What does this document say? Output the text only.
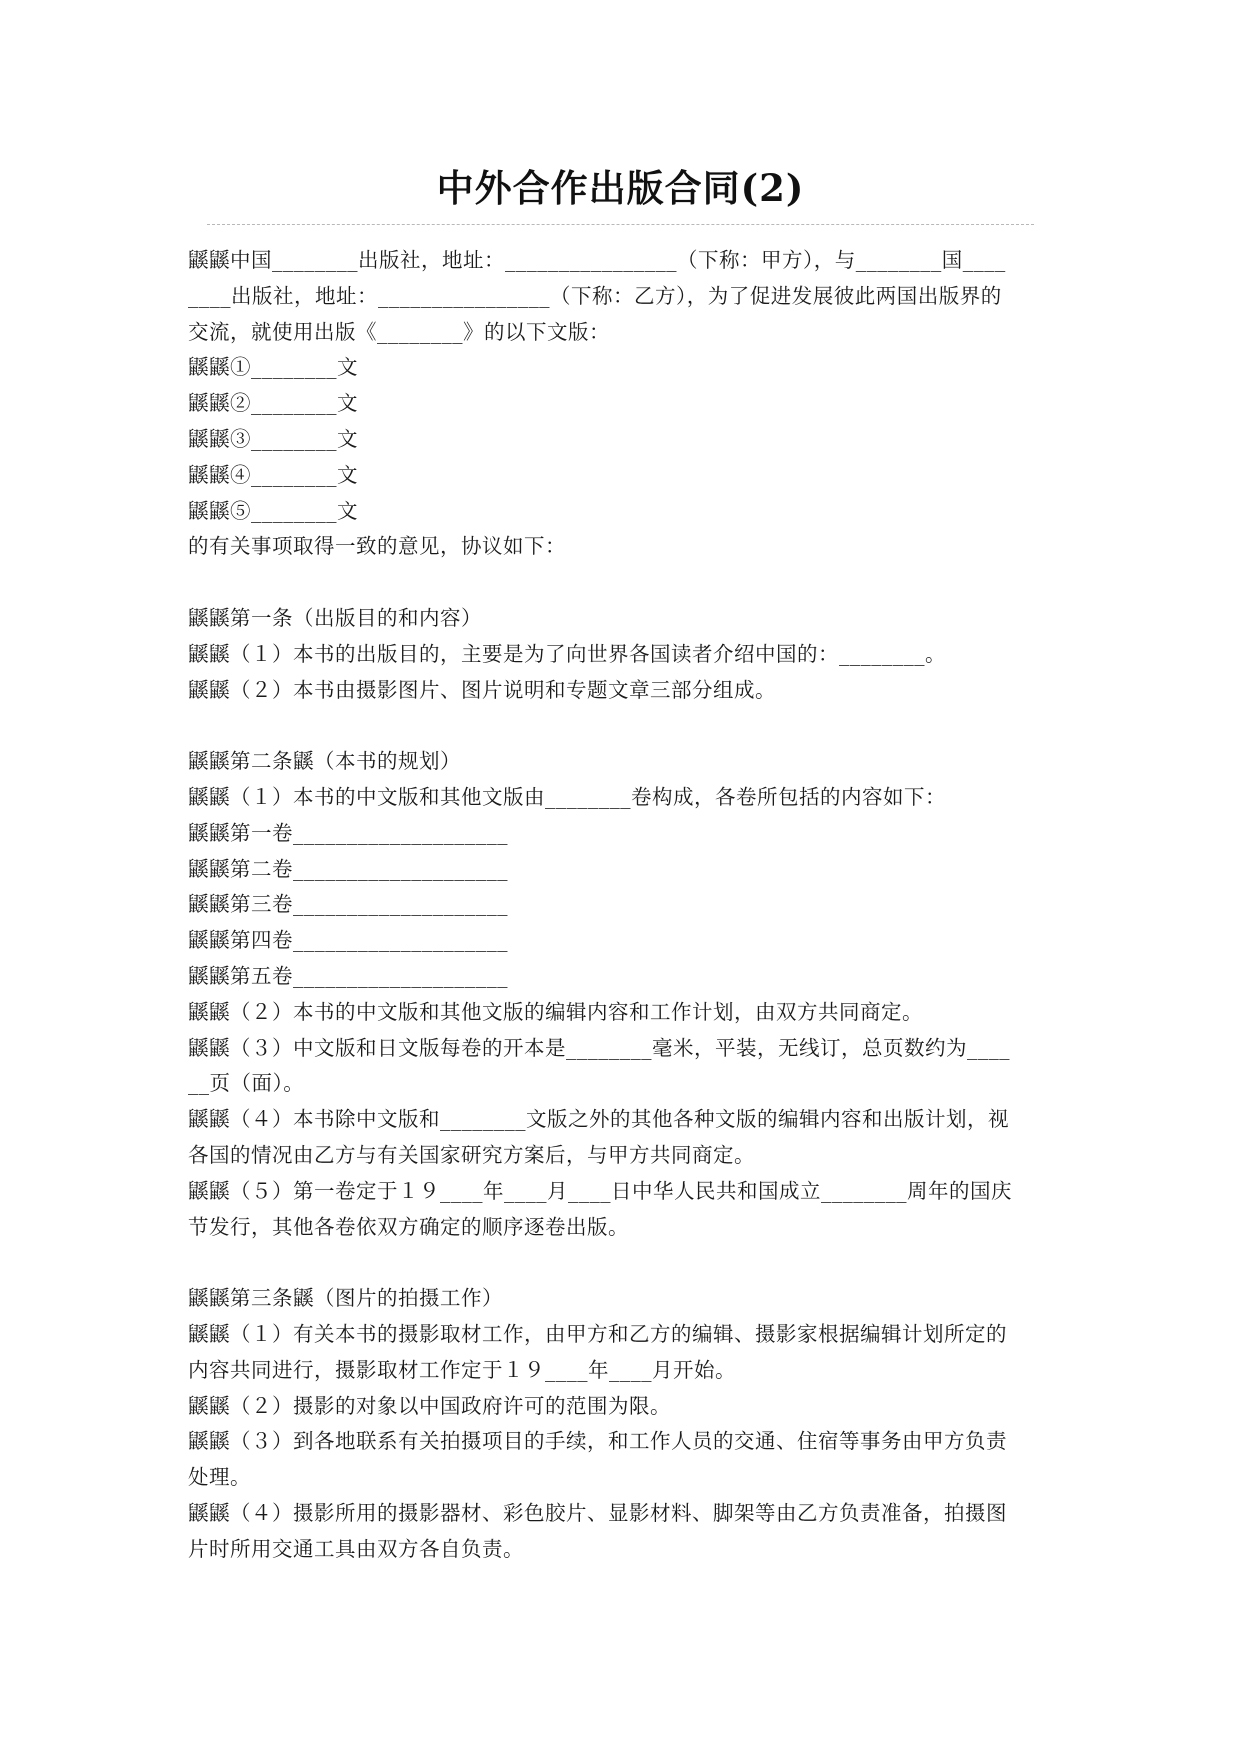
中外合作出版合同(2)
鼷鼷中国________出版社，地址：________________（下称：甲方），与________国____
____出版社，地址：________________（下称：乙方），为了促进发展彼此两国出版界的
交流，就使用出版《________》的以下文版：
鼷鼷①________文
鼷鼷②________文
鼷鼷③________文
鼷鼷④________文
鼷鼷⑤________文
的有关事项取得一致的意见，协议如下：
鼷鼷第一条（出版目的和内容）
鼷鼷（１）本书的出版目的，主要是为了向世界各国读者介绍中国的：________。
鼷鼷（２）本书由摄影图片、图片说明和专题文章三部分组成。
鼷鼷第二条鼷（本书的规划）
鼷鼷（１）本书的中文版和其他文版由________卷构成，各卷所包括的内容如下：
鼷鼷第一卷____________________
鼷鼷第二卷____________________
鼷鼷第三卷____________________
鼷鼷第四卷____________________
鼷鼷第五卷____________________
鼷鼷（２）本书的中文版和其他文版的编辑内容和工作计划，由双方共同商定。
鼷鼷（３）中文版和日文版每卷的开本是________毫米，平装，无线订，总页数约为____
__页（面）。
鼷鼷（４）本书除中文版和________文版之外的其他各种文版的编辑内容和出版计划，视
各国的情况由乙方与有关国家研究方案后，与甲方共同商定。
鼷鼷（５）第一卷定于１９____年____月____日中华人民共和国成立________周年的国庆
节发行，其他各卷依双方确定的顺序逐卷出版。
鼷鼷第三条鼷（图片的拍摄工作）
鼷鼷（１）有关本书的摄影取材工作，由甲方和乙方的编辑、摄影家根据编辑计划所定的
内容共同进行，摄影取材工作定于１９____年____月开始。
鼷鼷（２）摄影的对象以中国政府许可的范围为限。
鼷鼷（３）到各地联系有关拍摄项目的手续，和工作人员的交通、住宿等事务由甲方负责
处理。
鼷鼷（４）摄影所用的摄影器材、彩色胶片、显影材料、脚架等由乙方负责准备，拍摄图
片时所用交通工具由双方各自负责。
